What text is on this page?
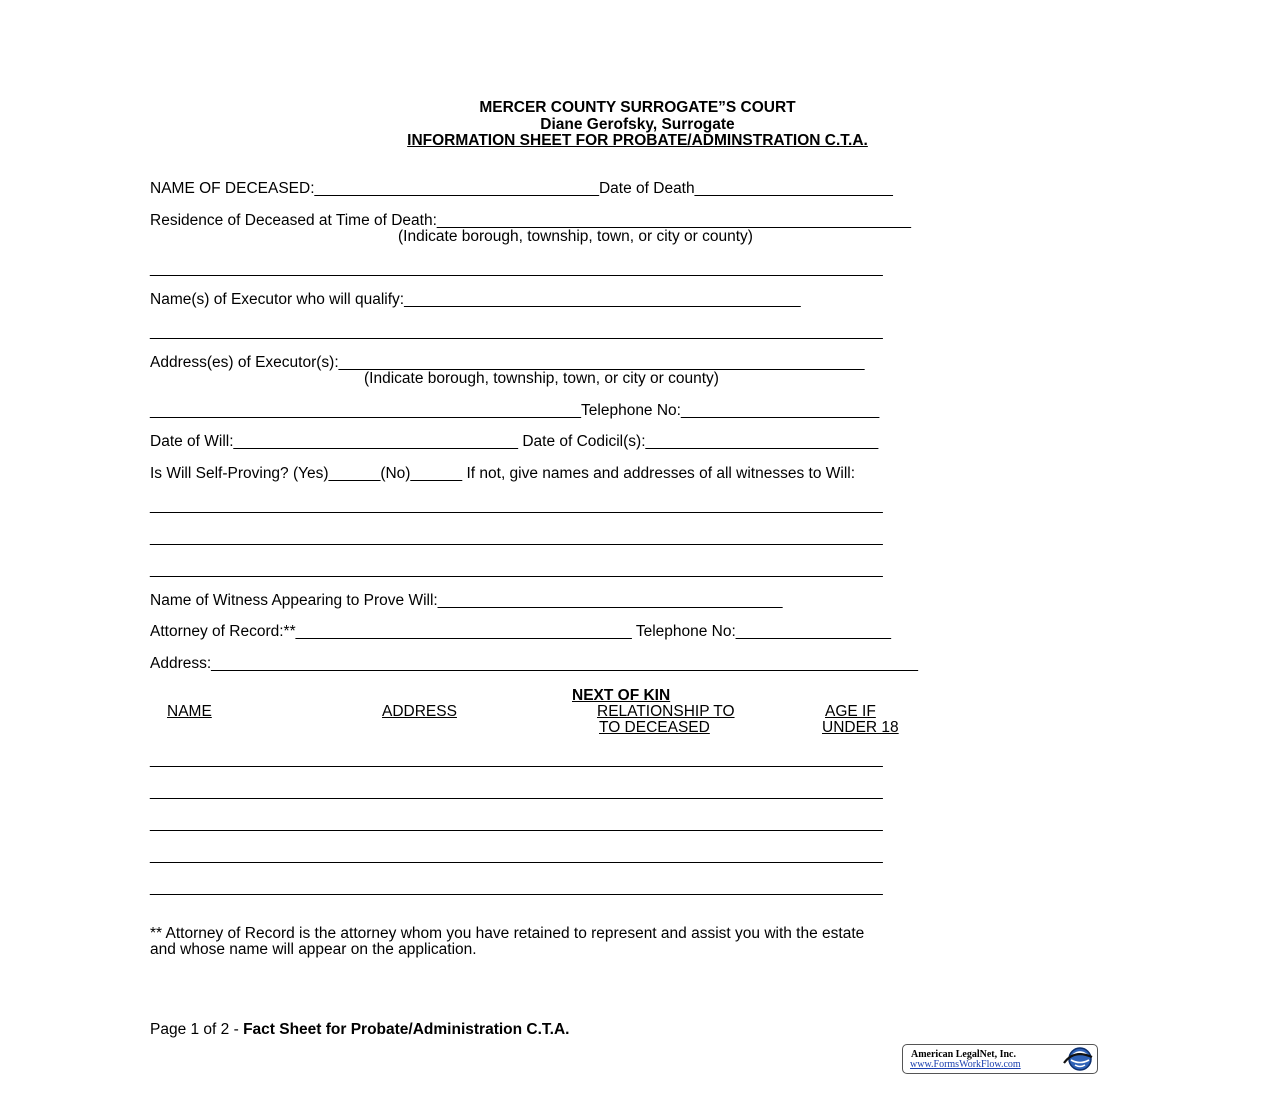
MERCER COUNTY SURROGATE”S COURT
Diane Gerofsky, Surrogate
INFORMATION SHEET FOR PROBATE/ADMINSTRATION C.T.A.
NAME OF DECEASED:_________________________________Date of Death_______________________
Residence of Deceased at Time of Death:_______________________________________________________
(Indicate borough, township, town, or city or county)
_____________________________________________________________________________________
Name(s) of Executor who will qualify:______________________________________________
_____________________________________________________________________________________
Address(es) of Executor(s):_____________________________________________________________
(Indicate borough, township, town, or city or county)
__________________________________________________Telephone No:_______________________
Date of Will:_________________________________ Date of Codicil(s):___________________________
Is Will Self-Proving? (Yes)______(No)______ If not, give names and addresses of all witnesses to Will:
_____________________________________________________________________________________
_____________________________________________________________________________________
_____________________________________________________________________________________
Name of Witness Appearing to Prove Will:________________________________________
Attorney of Record:**_______________________________________ Telephone No:__________________
Address:__________________________________________________________________________________
NEXT OF KIN
NAME	ADDRESS	RELATIONSHIP TO
TO DECEASED
AGE IF
UNDER 18
_____________________________________________________________________________________
_____________________________________________________________________________________
_____________________________________________________________________________________
_____________________________________________________________________________________
_____________________________________________________________________________________
** Attorney of Record is the attorney whom you have retained to represent and assist you with the estate
and whose name will appear on the application.
Page 1 of 2 - Fact Sheet for Probate/Administration C.T.A.
American LegalNet, Inc.
www.FormsWorkFlow.com
